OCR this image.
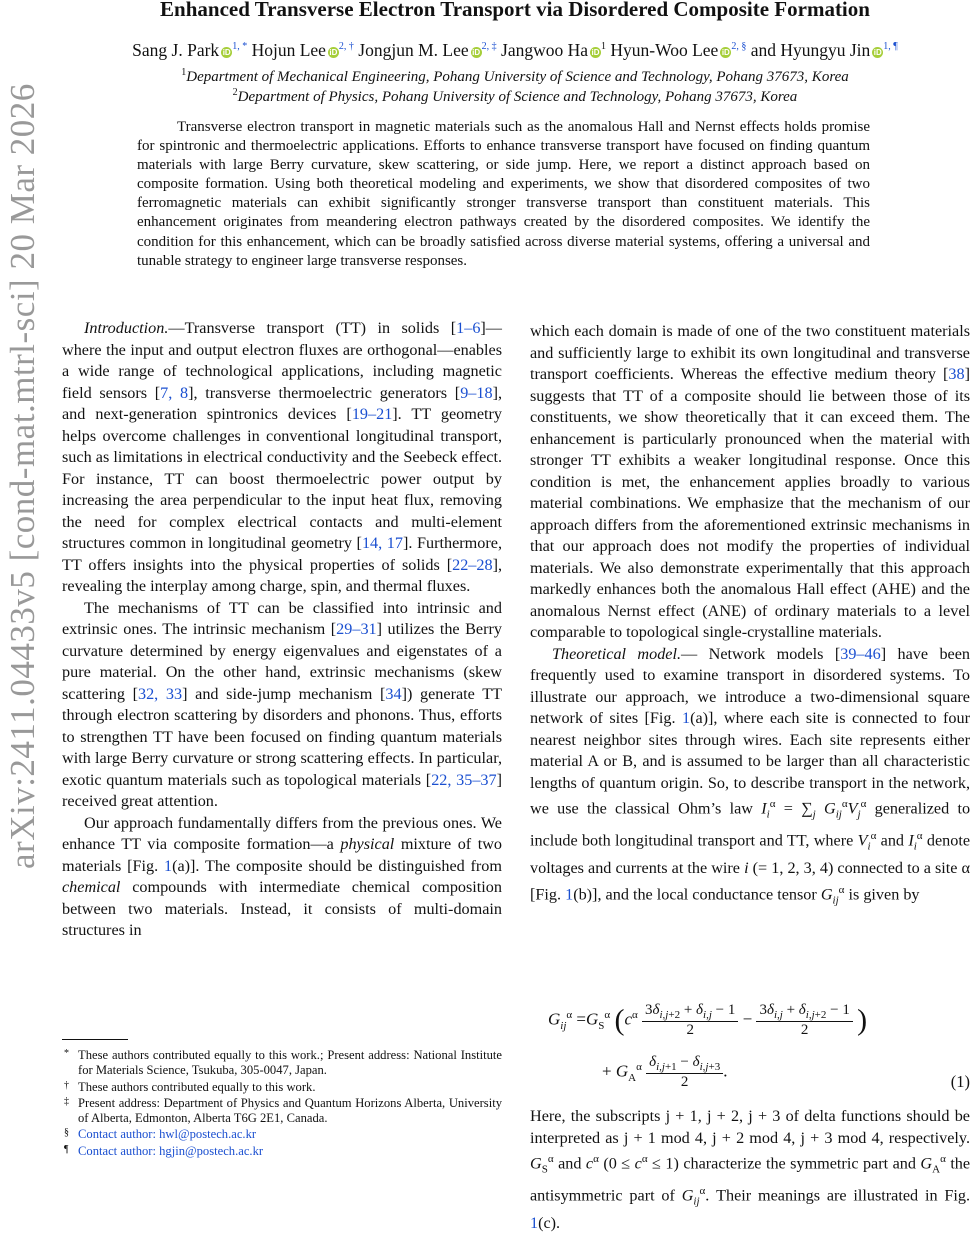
arXiv:2411.04433v5 [cond-mat.mtrl-sci] 20 Mar 2026
Enhanced Transverse Electron Transport via Disordered Composite Formation
Sang J. Park $iD^{1, *}$ Hojun Lee $iD^{2, \dagger}$ Jongjun M. Lee $iD^{2, \ddagger}$ Jangwoo Ha $iD^1$ Hyun-Woo Lee $iD^{2, \S}$ and Hyungyu Jin $iD^{1, \P}$
$^1$Department of Mechanical Engineering, Pohang University of Science and Technology, Pohang 37673, Korea
$^2$Department of Physics, Pohang University of Science and Technology, Pohang 37673, Korea
Transverse electron transport in magnetic materials such as the anomalous Hall and Nernst effects holds promise for spintronic and thermoelectric applications. Efforts to enhance transverse transport have focused on finding quantum materials with large Berry curvature, skew scattering, or side jump. Here, we report a distinct approach based on composite formation. Using both theoretical modeling and experiments, we show that disordered composites of two ferromagnetic materials can exhibit significantly stronger transverse transport than constituent materials. This enhancement originates from meandering electron pathways created by the disordered composites. We identify the condition for this enhancement, which can be broadly satisfied across diverse material systems, offering a universal and tunable strategy to engineer large transverse responses.

Introduction.—Transverse transport (TT) in solids [1–6]—where the input and output electron fluxes are orthogonal—enables a wide range of technological applications, including magnetic field sensors [7, 8], transverse thermoelectric generators [9–18], and next-generation spintronics devices [19–21]. TT geometry helps overcome challenges in conventional longitudinal transport, such as limitations in electrical conductivity and the Seebeck effect. For instance, TT can boost thermoelectric power output by increasing the area perpendicular to the input heat flux, removing the need for complex electrical contacts and multi-element structures common in longitudinal geometry [14, 17]. Furthermore, TT offers insights into the physical properties of solids [22–28], revealing the interplay among charge, spin, and thermal fluxes.

The mechanisms of TT can be classified into intrinsic and extrinsic ones. The intrinsic mechanism [29–31] utilizes the Berry curvature determined by energy eigenvalues and eigenstates of a pure material. On the other hand, extrinsic mechanisms (skew scattering [32, 33] and side-jump mechanism [34]) generate TT through electron scattering by disorders and phonons. Thus, efforts to strengthen TT have been focused on finding quantum materials with large Berry curvature or strong scattering effects. In particular, exotic quantum materials such as topological materials [22, 35–37] received great attention.

Our approach fundamentally differs from the previous ones. We enhance TT via composite formation—a physical mixture of two materials [Fig. 1(a)]. The composite should be distinguished from chemical compounds with intermediate chemical composition between two materials. Instead, it consists of multi-domain structures in

* These authors contributed equally to this work.; Present address: National Institute for Materials Science, Tsukuba, 305-0047, Japan.
† These authors contributed equally to this work.
‡ Present address: Department of Physics and Quantum Horizons Alberta, University of Alberta, Edmonton, Alberta T6G 2E1, Canada.
§ Contact author: hwl@postech.ac.kr
¶ Contact author: hgjin@postech.ac.kr

which each domain is made of one of the two constituent materials and sufficiently large to exhibit its own longitudinal and transverse transport coefficients. Whereas the effective medium theory [38] suggests that TT of a composite should lie between those of its constituents, we show theoretically that it can exceed them. The enhancement is particularly pronounced when the material with stronger TT exhibits a weaker longitudinal response. Once this condition is met, the enhancement applies broadly to various material combinations. We emphasize that the mechanism of our approach differs from the aforementioned extrinsic mechanisms in that our approach does not modify the properties of individual materials. We also demonstrate experimentally that this approach markedly enhances both the anomalous Hall effect (AHE) and the anomalous Nernst effect (ANE) of ordinary materials to a level comparable to topological single-crystalline materials.

Theoretical model.— Network models [39–46] have been frequently used to examine transport in disordered systems. To illustrate our approach, we introduce a two-dimensional square network of sites [Fig. 1(a)], where each site is connected to four nearest neighbor sites through wires. Each site represents either material A or B, and is assumed to be larger than all characteristic lengths of quantum origin. So, to describe transport in the network, we use the classical Ohm’s law $I_i^\alpha = \sum_j$ $G_{ij}^\alpha V_j^\alpha$ generalized to include both longitudinal transport and TT, where $V_i^\alpha$ and $I_i^\alpha$ denote voltages and currents at the wire i (= 1, 2, 3, 4) connected to a site α [Fig. 1(b)], and the local conductance tensor $G_{ij}^\alpha$ is given by

$G_{ij}^\alpha =G_S^\alpha$ ($c^\alpha \frac{3\delta_{i,j+2} + \delta_{i,j} - 1}{2} - \frac{3\delta_{i,j} + \delta_{i,j+2} - 1}{2}$ )
+ $G_A^\alpha \frac{\delta_{i,j+1} - \delta_{i,j+3}}{2}$ .
(1)

Here, the subscripts j + 1, j + 2, j + 3 of delta functions should be interpreted as j + 1 mod 4, j + 2 mod 4, j + 3 mod 4, respectively. $G_S^\alpha$ and $c^\alpha$ $(0 \le c^\alpha \le 1)$ characterize the symmetric part and $G_A^\alpha$ the antisymmetric part of $G_{ij}^\alpha$. Their meanings are illustrated in Fig. 1(c).
